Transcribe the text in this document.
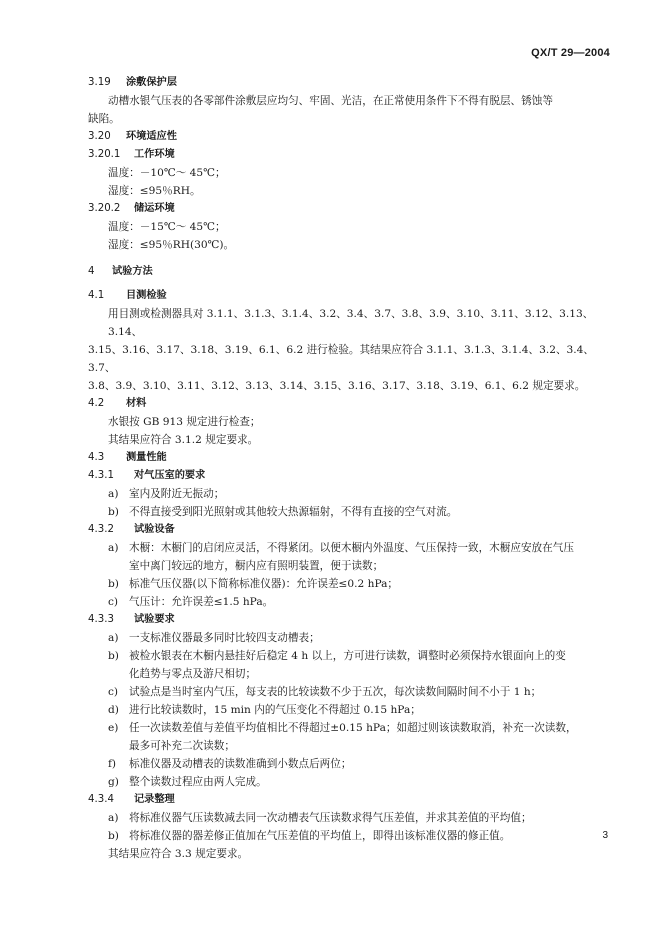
QX/T 29—2004
3.19 涂敷保护层
动槽水银气压表的各零部件涂敷层应均匀、牢固、光洁，在正常使用条件下不得有脱层、锈蚀等
缺陷。
3.20 环境适应性
3.20.1 工作环境
温度：－10℃～ 45℃；
湿度：≤95％RH。
3.20.2 储运环境
温度：－15℃～ 45℃；
湿度：≤95％RH(30℃)。
4 试验方法
4.1 目测检验
用目测或检测器具对 3.1.1、3.1.3、3.1.4、3.2、3.4、3.7、3.8、3.9、3.10、3.11、3.12、3.13、3.14、
3.15、3.16、3.17、3.18、3.19、6.1、6.2 进行检验。其结果应符合 3.1.1、3.1.3、3.1.4、3.2、3.4、3.7、
3.8、3.9、3.10、3.11、3.12、3.13、3.14、3.15、3.16、3.17、3.18、3.19、6.1、6.2 规定要求。
4.2 材料
水银按 GB 913 规定进行检查；
其结果应符合 3.1.2 规定要求。
4.3 测量性能
4.3.1 对气压室的要求
a) 室内及附近无振动；
b) 不得直接受到阳光照射或其他较大热源辐射，不得有直接的空气对流。
4.3.2 试验设备
a) 木橱：木橱门的启闭应灵活，不得紧闭。以便木橱内外温度、气压保持一致，木橱应安放在气压
室中离门较远的地方，橱内应有照明装置，便于读数；
b) 标准气压仪器(以下简称标准仪器)：允许误差≤0.2 hPa；
c)	气压计：允许误差≤1.5 hPa。
4.3.3 试验要求
a) 一支标准仪器最多同时比较四支动槽表；
b) 被检水银表在木橱内悬挂好后稳定 4 h 以上，方可进行读数，调整时必须保持水银面向上的变
化趋势与零点及游尺相切；
c)	试验点是当时室内气压，每支表的比较读数不少于五次，每次读数间隔时间不小于 1 h；
d) 进行比较读数时，15 min 内的气压变化不得超过 0.15 hPa；
e) 任一次读数差值与差值平均值相比不得超过±0.15 hPa；如超过则该读数取消，补充一次读数，
最多可补充二次读数；
f)	标准仪器及动槽表的读数准确到小数点后两位；
g) 整个读数过程应由两人完成。
4.3.4 记录整理
a) 将标准仪器气压读数减去同一次动槽表气压读数求得气压差值，并求其差值的平均值；
b) 将标准仪器的器差修正值加在气压差值的平均值上，即得出该标准仪器的修正值。
其结果应符合 3.3 规定要求。
3
